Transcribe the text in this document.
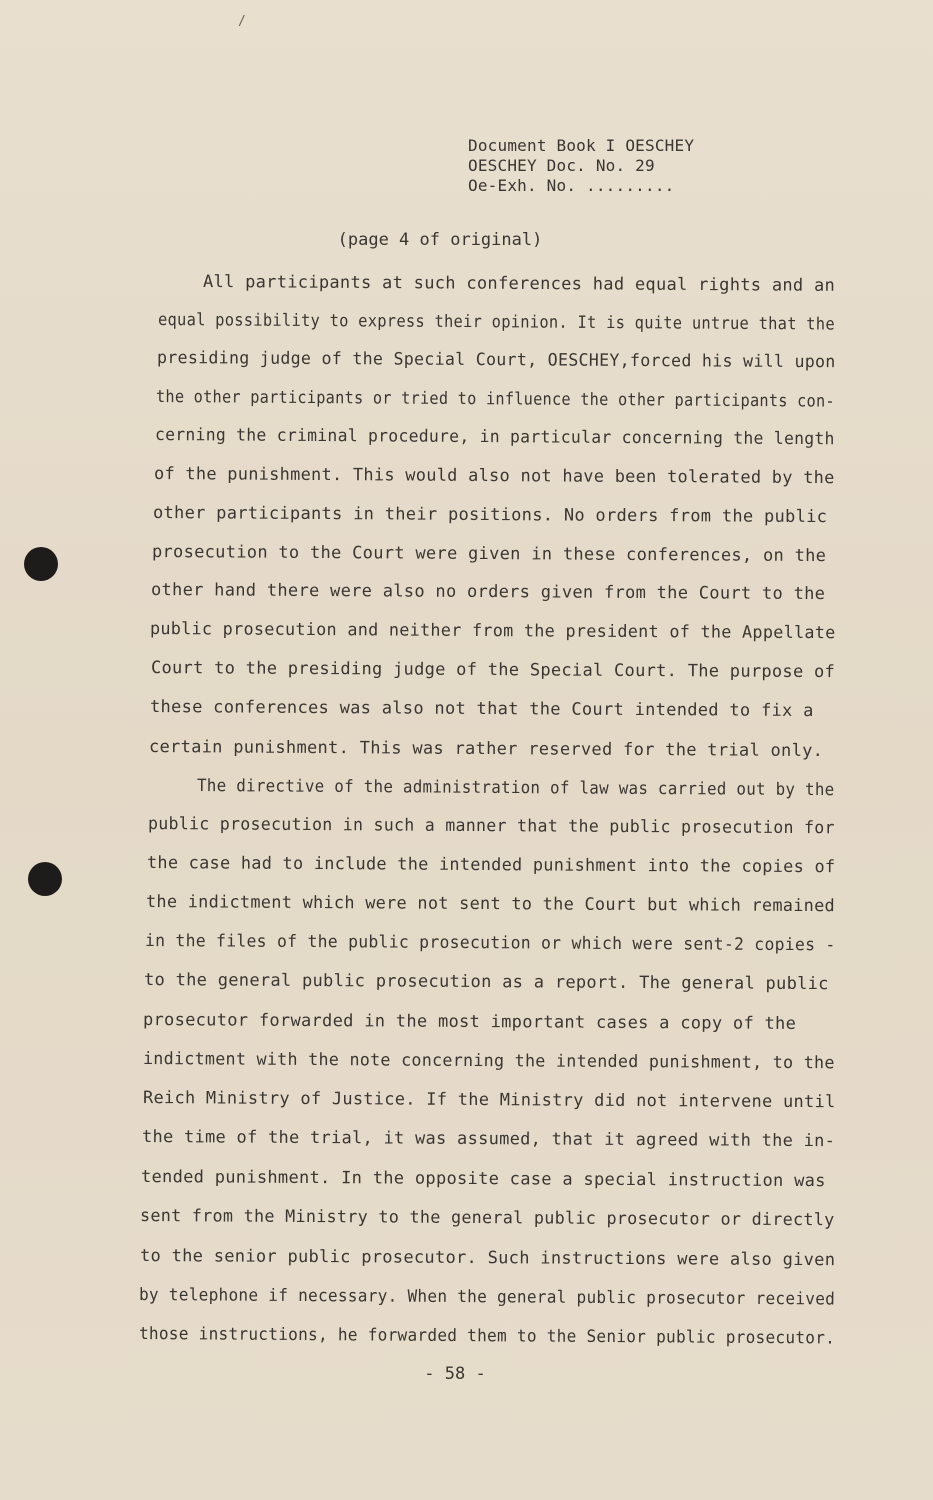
/
Document Book I OESCHEY
OESCHEY Doc. No. 29
Oe-Exh. No. .........
(page 4 of original)
All participants at such conferences had equal rights and an
equal possibility to express their opinion. It is quite untrue that the
presiding judge of the Special Court, OESCHEY,forced his will upon
the other participants or tried to influence the other participants con-
cerning the criminal procedure, in particular concerning the length
of the punishment. This would also not have been tolerated by the
other participants in their positions. No orders from the public
prosecution to the Court were given in these conferences, on the
other hand there were also no orders given from the Court to the
public prosecution and neither from the president of the Appellate
Court to the presiding judge of the Special Court. The purpose of
these conferences was also not that the Court intended to fix a
certain punishment. This was rather reserved for the trial only.
The directive of the administration of law was carried out by the
public prosecution in such a manner that the public prosecution for
the case had to include the intended punishment into the copies of
the indictment which were not sent to the Court but which remained
in the files of the public prosecution or which were sent-2 copies -
to the general public prosecution as a report. The general public
prosecutor forwarded in the most important cases a copy of the
indictment with the note concerning the intended punishment, to the
Reich Ministry of Justice. If the Ministry did not intervene until
the time of the trial, it was assumed, that it agreed with the in-
tended punishment. In the opposite case a special instruction was
sent from the Ministry to the general public prosecutor or directly
to the senior public prosecutor. Such instructions were also given
by telephone if necessary. When the general public prosecutor received
those instructions, he forwarded them to the Senior public prosecutor.
- 58 -
